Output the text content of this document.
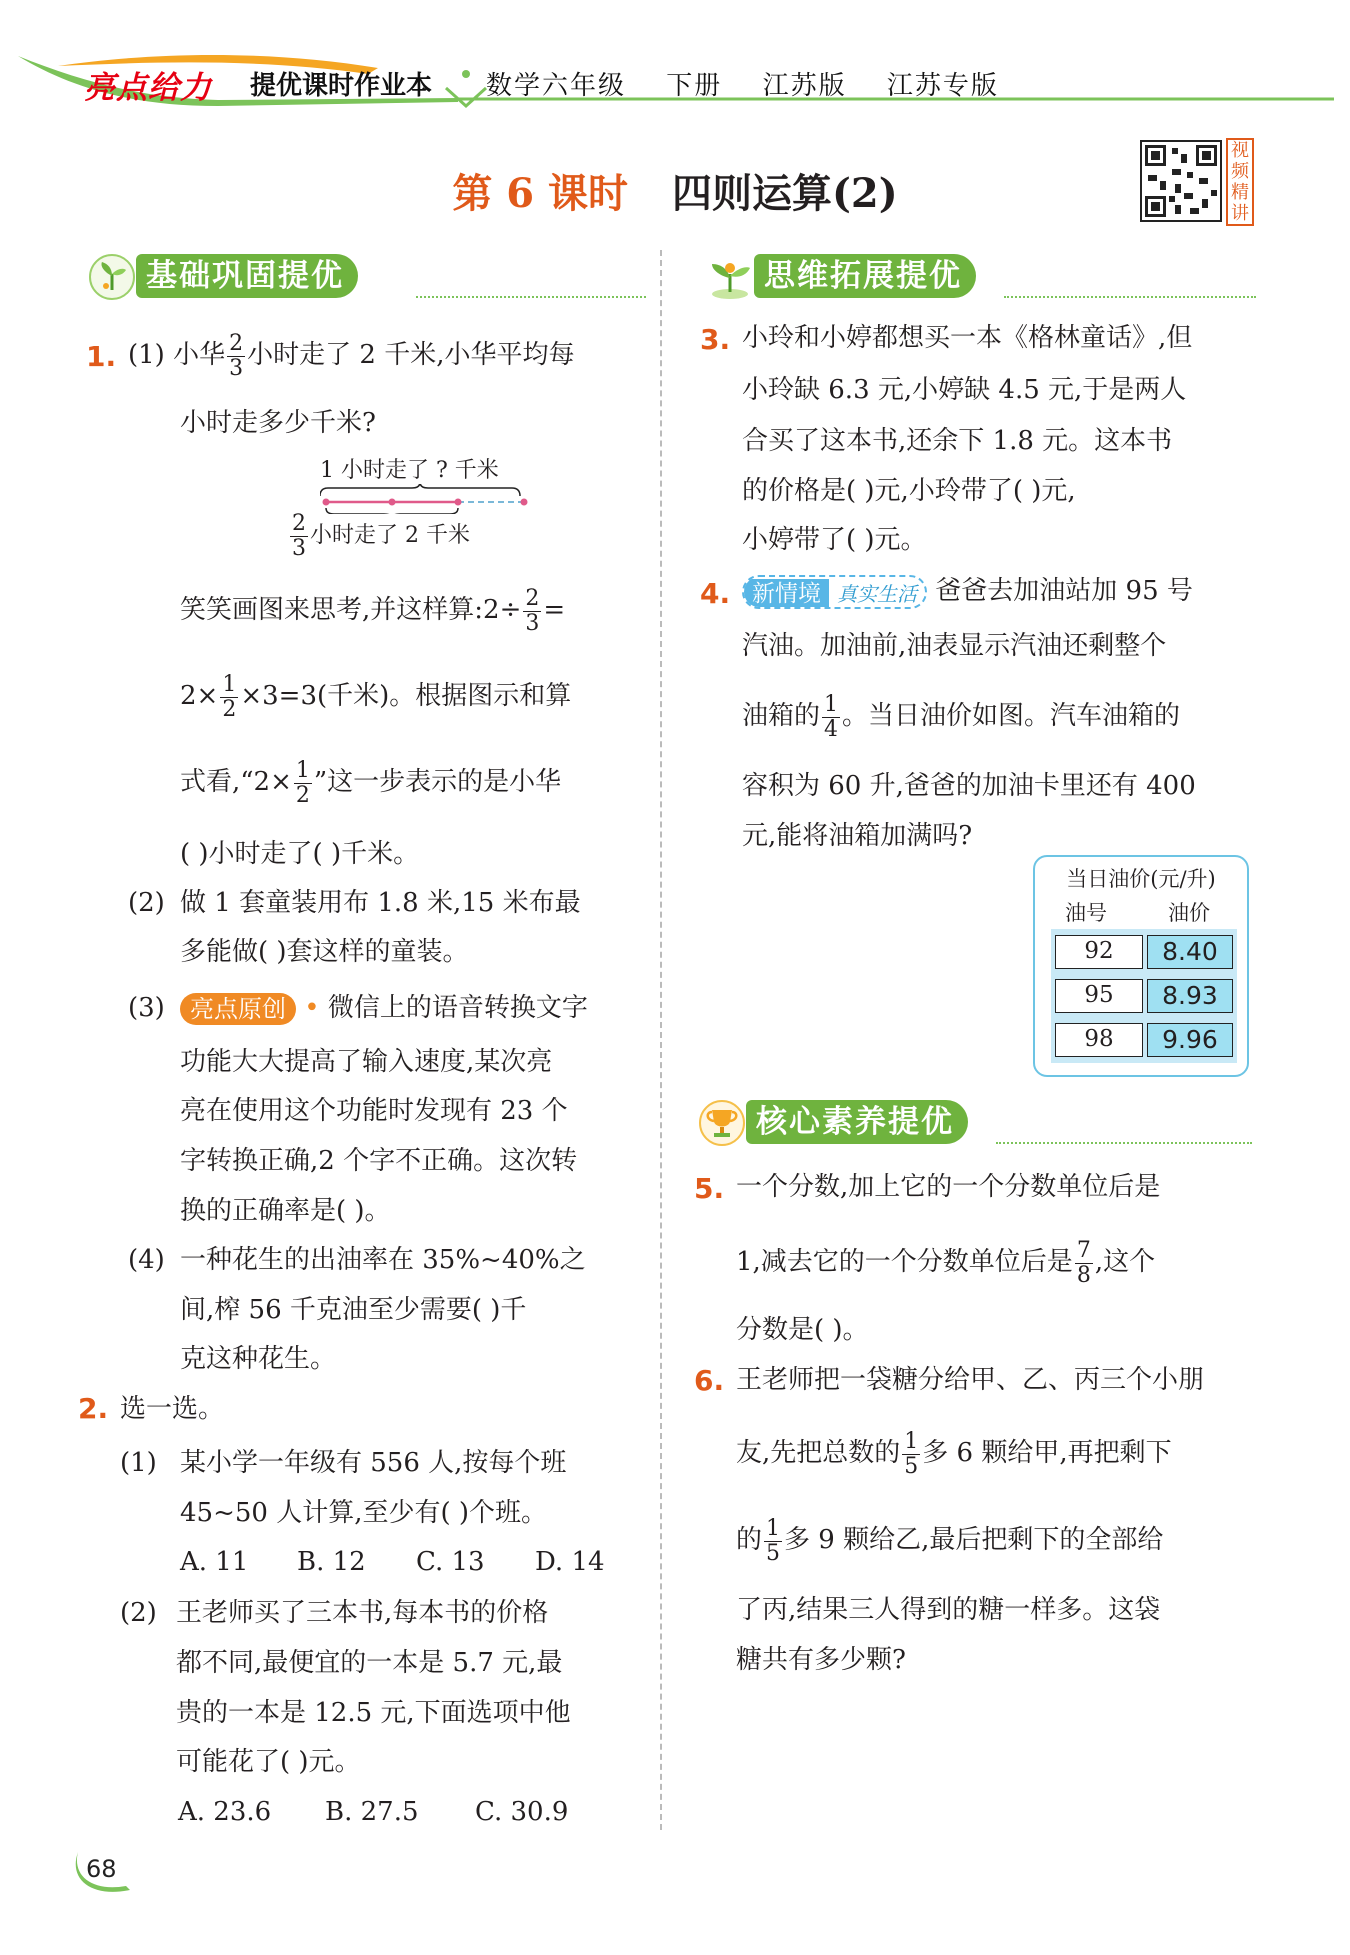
亮点给力 提优课时作业本 数学六年级 下册 江苏版 江苏专版
第 6 课时 四则运算(2)
视
频
精
讲
基础巩固提优
1. (1) 小华 $\frac{2}{3}$ 小时走了 2 千米,小华平均每
小时走多少千米?
1 小时走了 ? 千米
$\frac{2}{3}$ 小时走了 2 千米
笑笑画图来思考,并这样算:2÷ $\frac{2}{3}$ =
$2\times \frac{1}{2} \times 3=3$(千米)。根据图示和算
式看,“2× $\frac{1}{2}$ ”这一步表示的是小华
( )小时走了( )千米。
(2) 做 1 套童装用布 1.8 米,15 米布最
多能做( )套这样的童装。
(3)	亮点原创 • 微信上的语音转换文字
功能大大提高了输入速度,某次亮
亮在使用这个功能时发现有 23 个
字转换正确,2 个字不正确。这次转
换的正确率是( )。
(4) 一种花生的出油率在 35%~40%之
间,榨 56 千克油至少需要( )千
克这种花生。
2. 选一选。
(1) 某小学一年级有 556 人,按每个班
45~50 人计算,至少有( )个班。
A. 11 B. 12 C. 13 D. 14
(2) 王老师买了三本书,每本书的价格
都不同,最便宜的一本是 5.7 元,最
贵的一本是 12.5 元,下面选项中他
可能花了( )元。
A. 23.6 B. 27.5 C. 30.9
思维拓展提优
3. 小玲和小婷都想买一本《格林童话》,但
小玲缺 6.3 元,小婷缺 4.5 元,于是两人
合买了这本书,还余下 1.8 元。这本书
的价格是( )元,小玲带了( )元,
小婷带了( )元。
4. 新情境 真实生活 爸爸去加油站加 95 号
汽油。加油前,油表显示汽油还剩整个
油箱的 $\frac{1}{4}$ 。当日油价如图。汽车油箱的
容积为 60 升,爸爸的加油卡里还有 400
元,能将油箱加满吗?
当日油价(元/升)
油号	油价
92	8.40
95	8.93
98	9.96
核心素养提优
5. 一个分数,加上它的一个分数单位后是
1,减去它的一个分数单位后是 $\frac{7}{8}$ ,这个
分数是( )。
6. 王老师把一袋糖分给甲、乙、丙三个小朋
友,先把总数的 $\frac{1}{5}$ 多 6 颗给甲,再把剩下
的 $\frac{1}{5}$ 多 9 颗给乙,最后把剩下的全部给
了丙,结果三人得到的糖一样多。这袋
糖共有多少颗?
68
